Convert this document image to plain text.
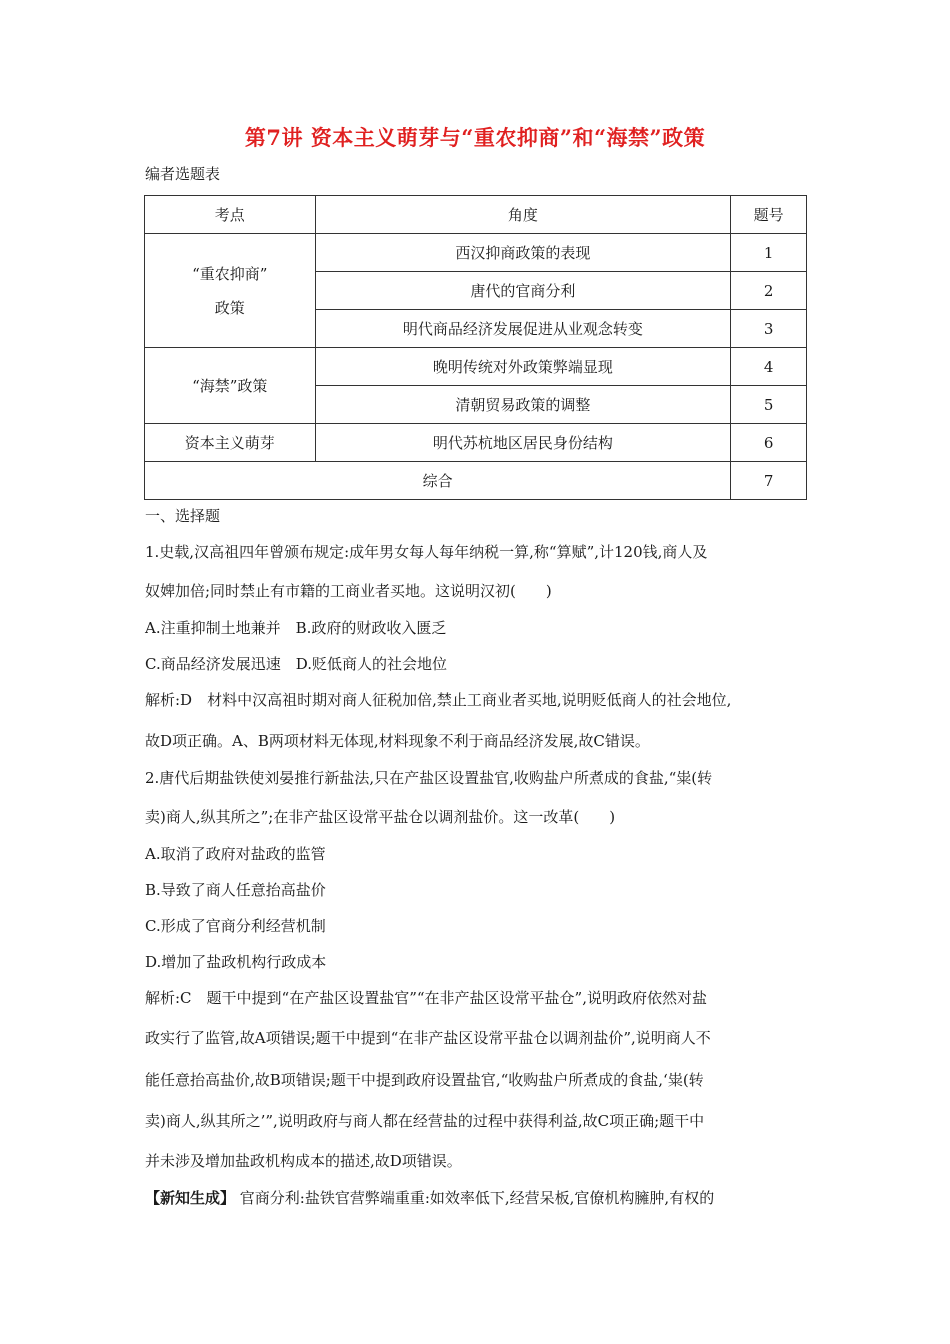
第7讲 资本主义萌芽与“重农抑商”和“海禁”政策
编者选题表
考点	角度	题号
“重农抑商”
政策	西汉抑商政策的表现	1
	唐代的官商分利	2
	明代商品经济发展促进从业观念转变	3
“海禁”政策	晚明传统对外政策弊端显现	4
	清朝贸易政策的调整	5
资本主义萌芽	明代苏杭地区居民身份结构	6
综合		7
一、选择题
1.史载,汉高祖四年曾颁布规定:成年男女每人每年纳税一算,称“算赋”,计120钱,商人及
奴婢加倍;同时禁止有市籍的工商业者买地。这说明汉初(　　)
A.注重抑制土地兼并　B.政府的财政收入匮乏
C.商品经济发展迅速　D.贬低商人的社会地位
解析:D　材料中汉高祖时期对商人征税加倍,禁止工商业者买地,说明贬低商人的社会地位,
故D项正确。A、B两项材料无体现,材料现象不利于商品经济发展,故C错误。
2.唐代后期盐铁使刘晏推行新盐法,只在产盐区设置盐官,收购盐户所煮成的食盐,“粜(转
卖)商人,纵其所之”;在非产盐区设常平盐仓以调剂盐价。这一改革(　　)
A.取消了政府对盐政的监管
B.导致了商人任意抬高盐价
C.形成了官商分利经营机制
D.增加了盐政机构行政成本
解析:C　题干中提到“在产盐区设置盐官”“在非产盐区设常平盐仓”,说明政府依然对盐
政实行了监管,故A项错误;题干中提到“在非产盐区设常平盐仓以调剂盐价”,说明商人不
能任意抬高盐价,故B项错误;题干中提到政府设置盐官,“收购盐户所煮成的食盐,‘粜(转
卖)商人,纵其所之’”,说明政府与商人都在经营盐的过程中获得利益,故C项正确;题干中
并未涉及增加盐政机构成本的描述,故D项错误。
【新知生成】 官商分利:盐铁官营弊端重重:如效率低下,经营呆板,官僚机构臃肿,有权的
